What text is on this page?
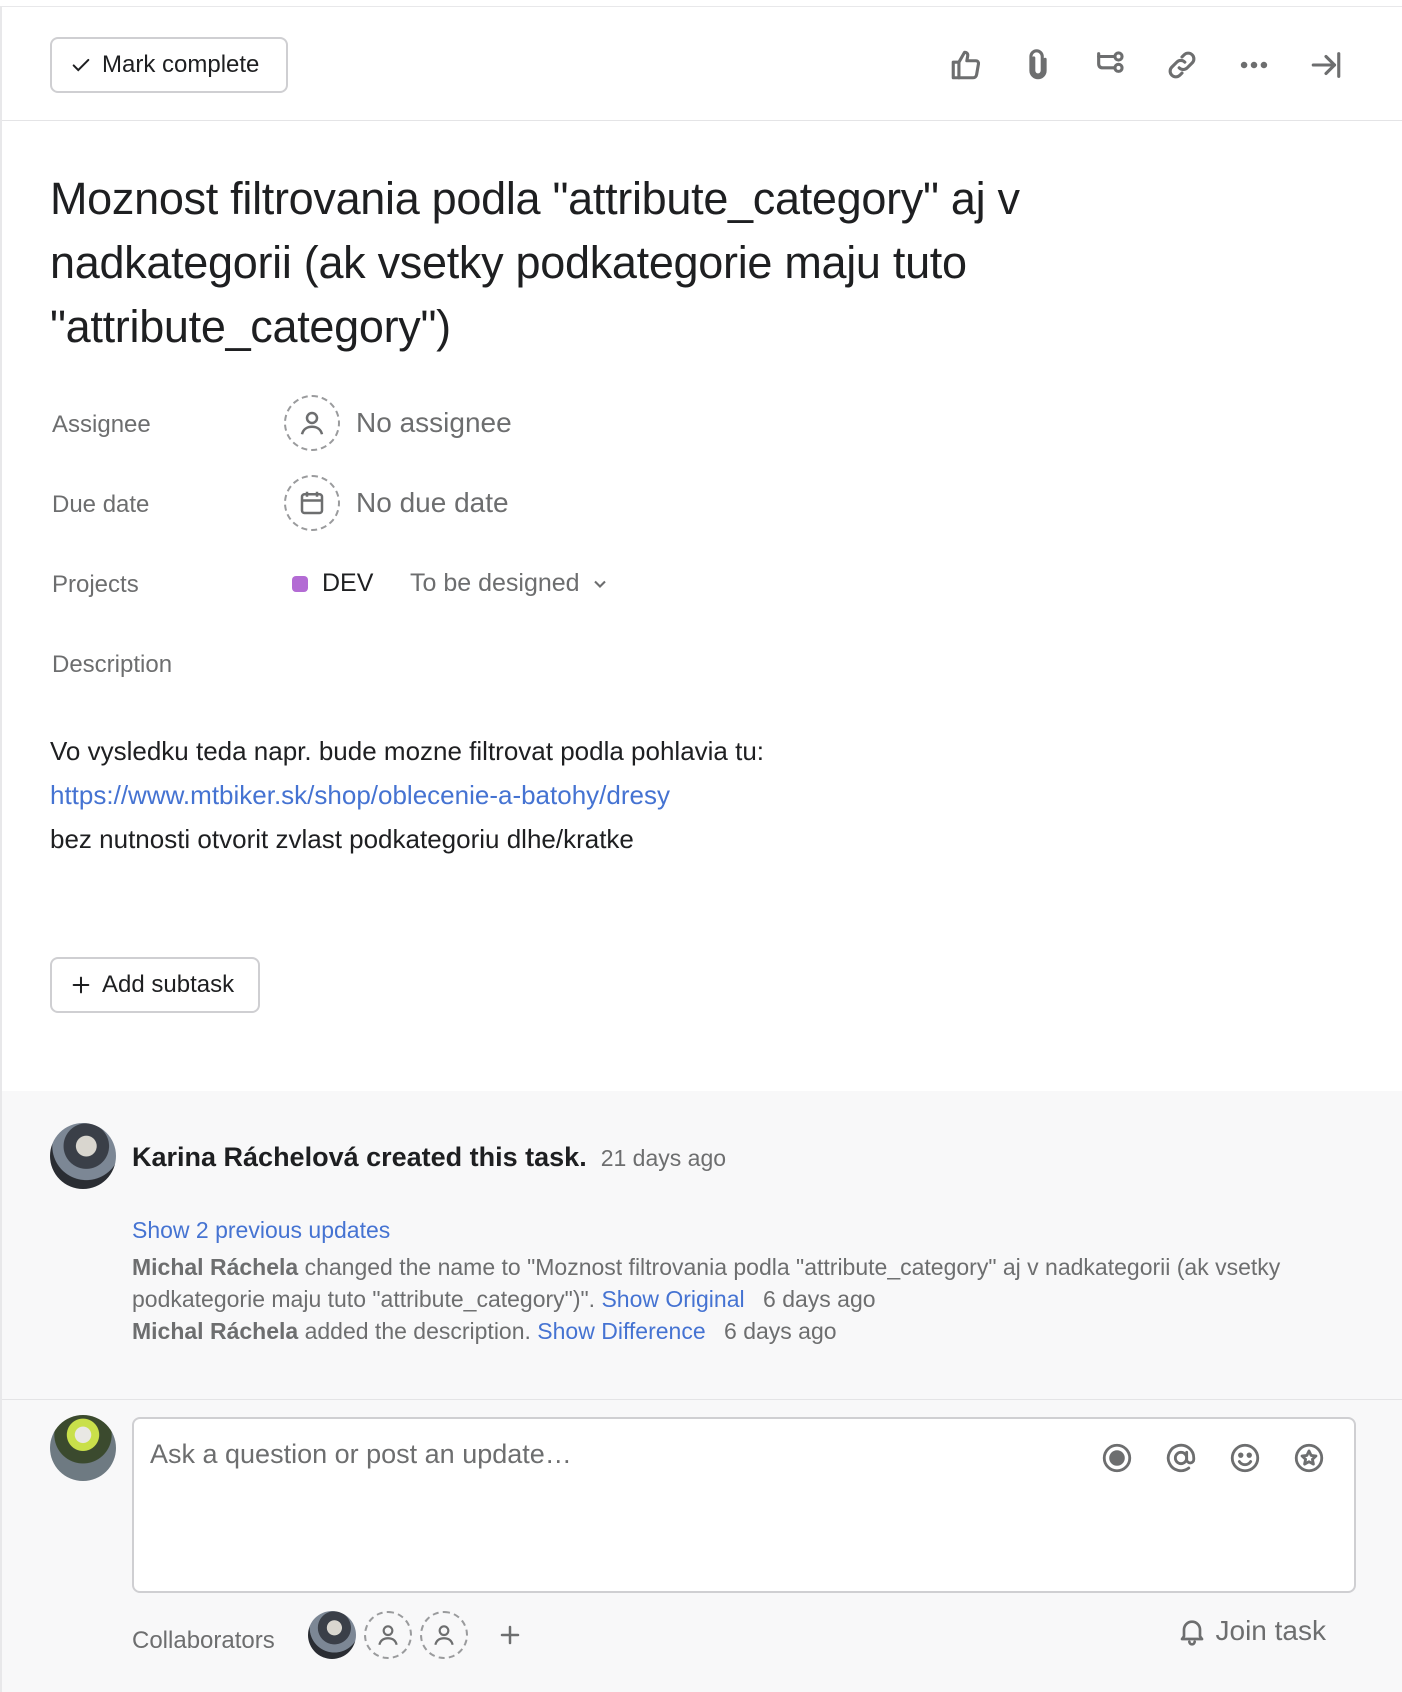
Mark complete
Moznost filtrovania podla "attribute_category" aj v nadkategorii (ak vsetky podkategorie maju tuto "attribute_category")
Assignee	No assignee
Due date	No due date
Projects	DEV To be designed
Description
Vo vysledku teda napr. bude mozne filtrovat podla pohlavia tu:
https://www.mtbiker.sk/shop/oblecenie-a-batohy/dresy
bez nutnosti otvorit zvlast podkategoriu dlhe/kratke
Add subtask
Karina Ráchelová created this task. 21 days ago
Show 2 previous updates
Michal Ráchela changed the name to "Moznost filtrovania podla "attribute_category" aj v nadkategorii (ak vsetky podkategorie maju tuto "attribute_category")". Show Original 6 days ago
Michal Ráchela added the description. Show Difference 6 days ago
Ask a question or post an update…
Collaborators	Join task
